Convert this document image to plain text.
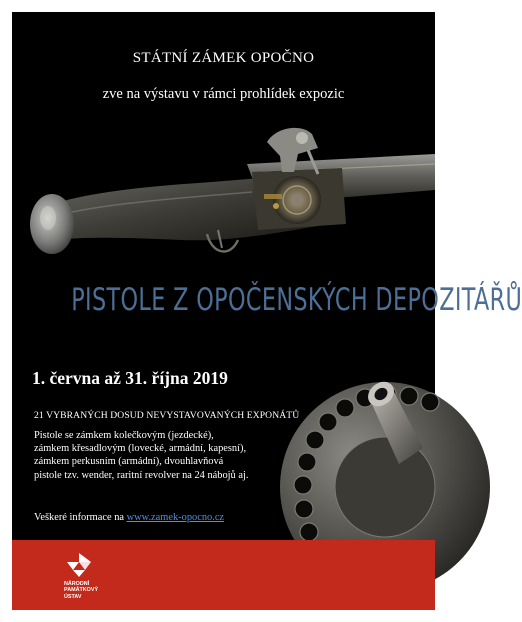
STÁTNÍ ZÁMEK OPOČNO
zve na výstavu v rámci prohlídek expozic
PISTOLE Z OPOČENSKÝCH DEPOZITÁŘŮ
1. června až 31. října 2019
21 VYBRANÝCH DOSUD NEVYSTAVOVANÝCH EXPONÁTŮ

Pistole se zámkem kolečkovým (jezdecké), zámkem křesadlovým (lovecké, armádní, kapesní), zámkem perkusním (armádní), dvouhlavňová pistole tzv. wender, raritní revolver na 24 nábojů aj.

Veškeré informace na www.zamek-opocno.cz
NÁRODNÍ
PAMÁTKOVÝ
ÚSTAV
